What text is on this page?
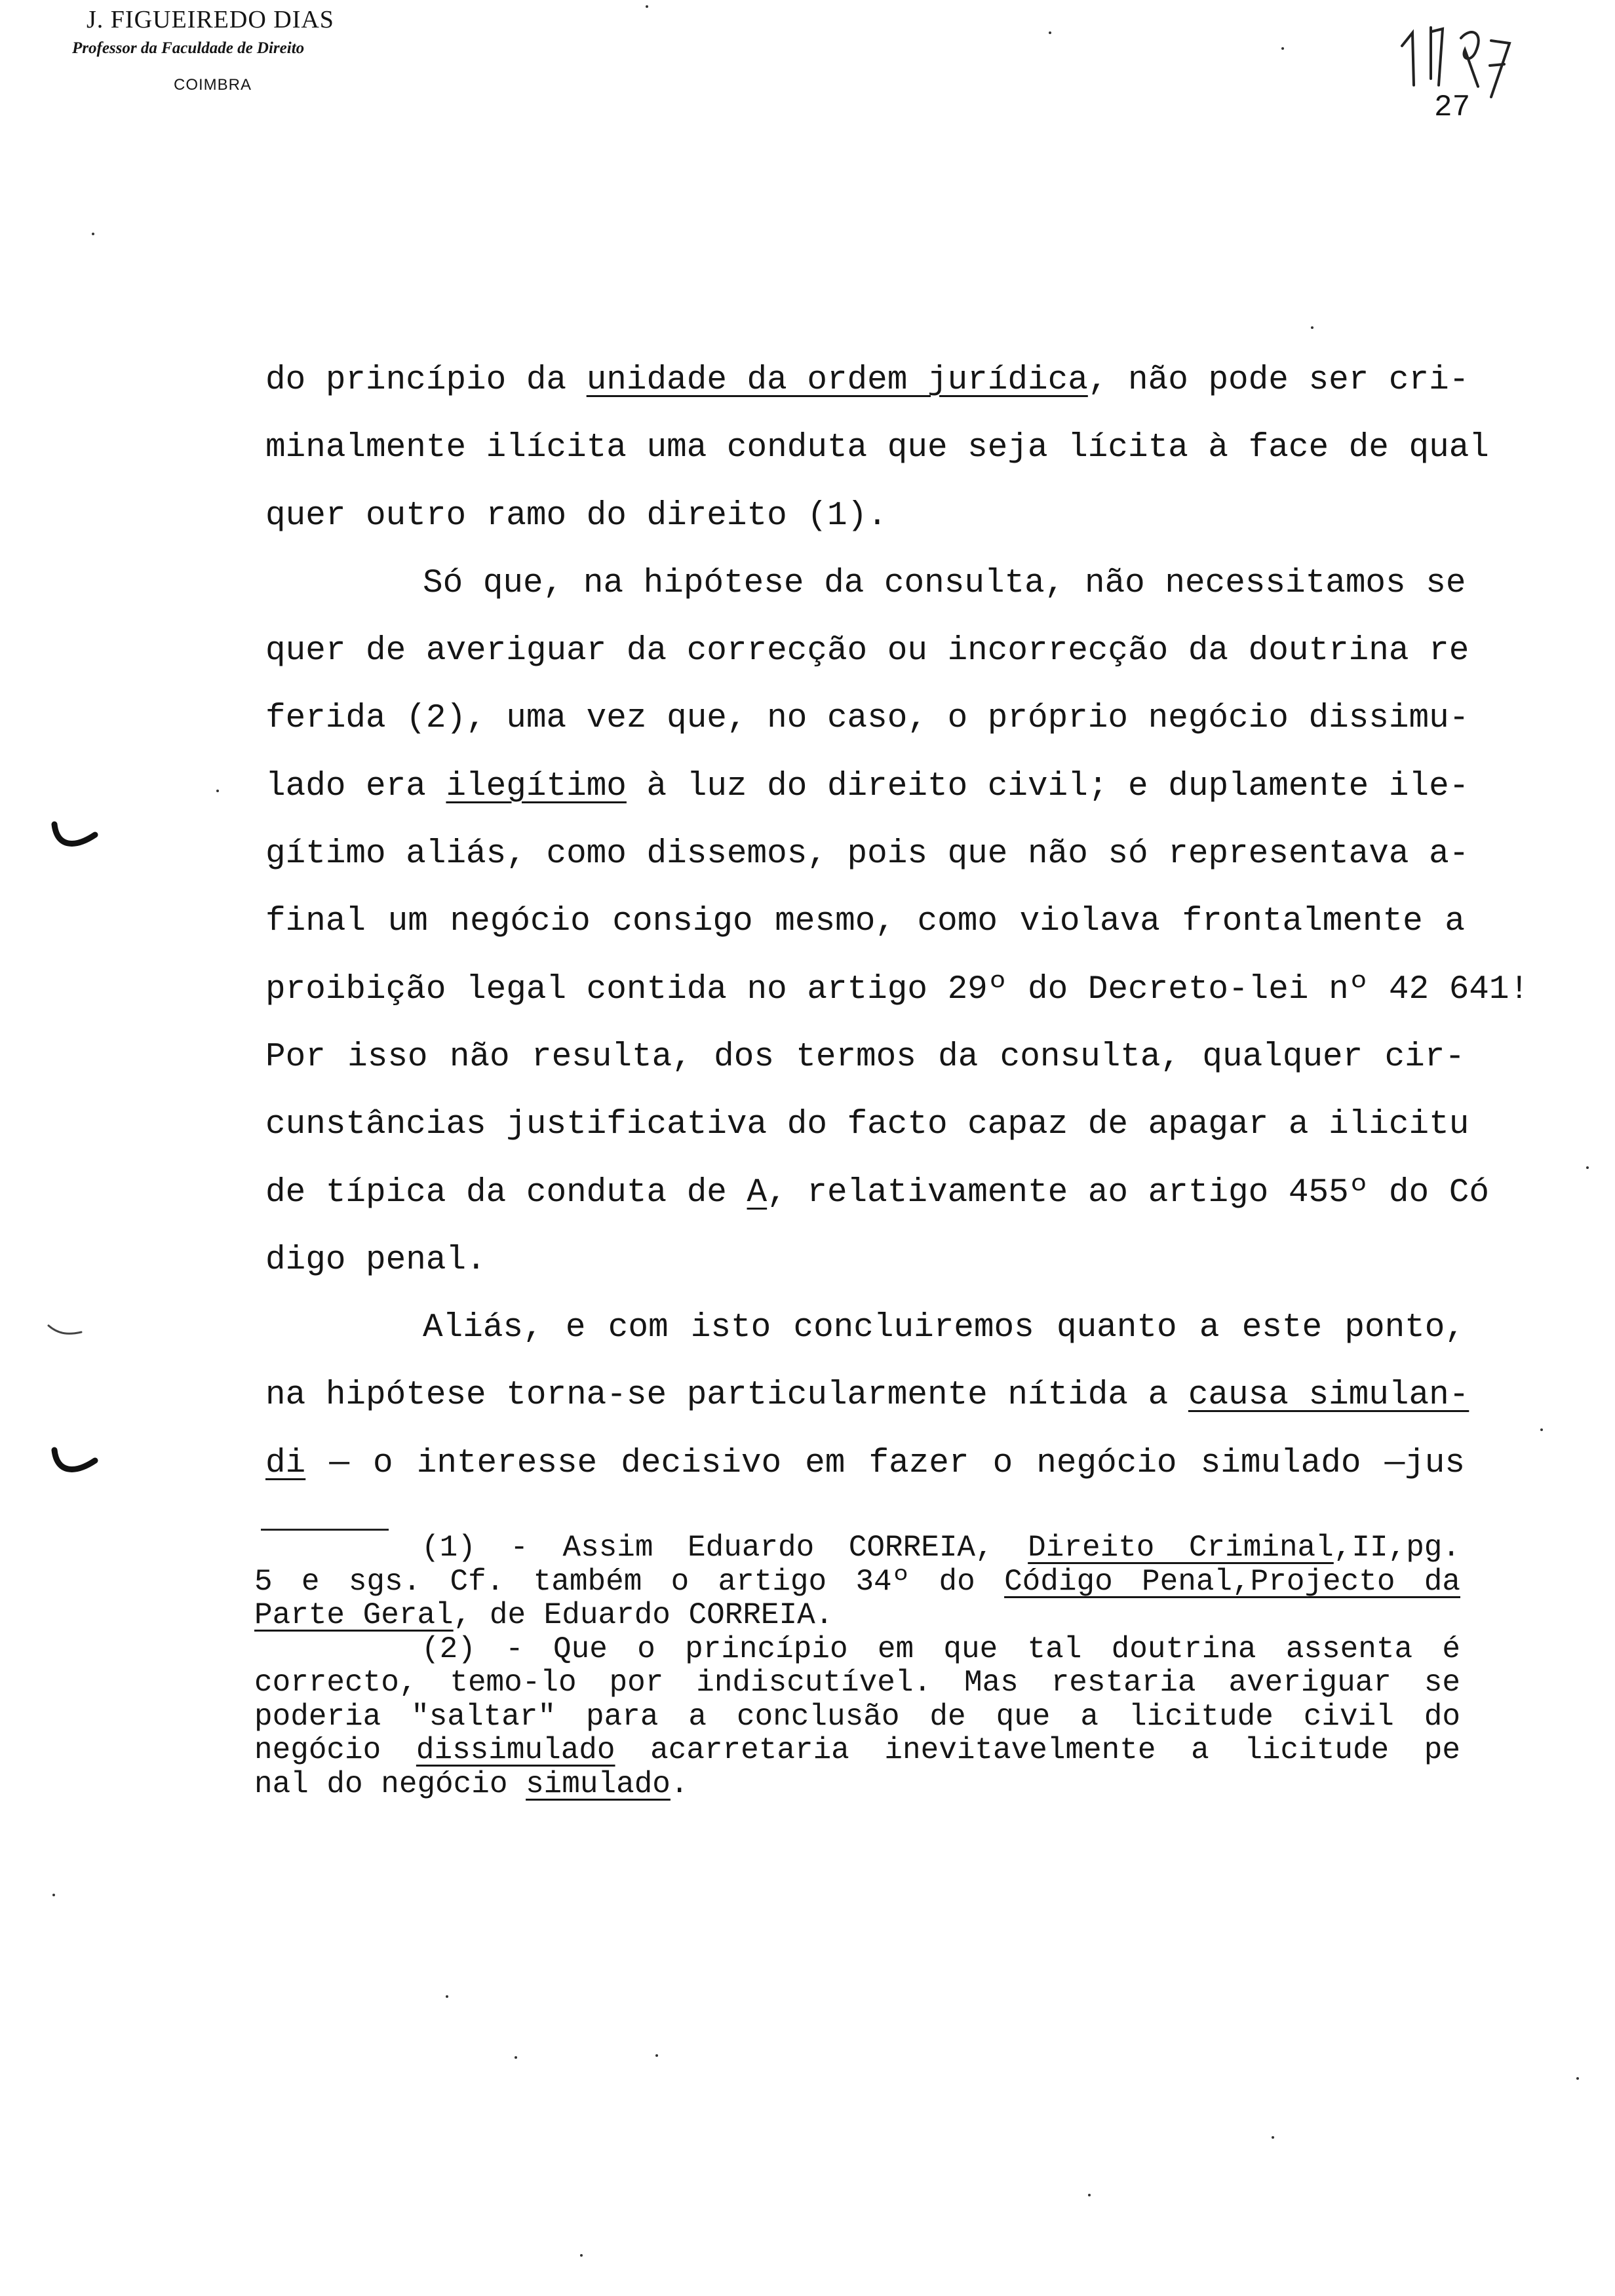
J. FIGUEIREDO DIAS
Professor da Faculdade de Direito
COIMBRA
27
do princípio da unidade da ordem jurídica, não pode ser cri-
minalmente ilícita uma conduta que seja lícita à face de qual
quer outro ramo do direito (1).
Só que, na hipótese da consulta, não necessitamos se
quer de averiguar da correcção ou incorrecção da doutrina re
ferida (2), uma vez que, no caso, o próprio negócio dissimu-
lado era ilegítimo à luz do direito civil; e duplamente ile-
gítimo aliás, como dissemos, pois que não só representava a-
final um negócio consigo mesmo, como violava frontalmente a
proibição legal contida no artigo 29º do Decreto-lei nº 42 641!
Por isso não resulta, dos termos da consulta, qualquer cir-
cunstâncias justificativa do facto capaz de apagar a ilicitu
de típica da conduta de A, relativamente ao artigo 455º do Có
digo penal.
Aliás, e com isto concluiremos quanto a este ponto,
na hipótese torna-se particularmente nítida a causa simulan-
di — o interesse decisivo em fazer o negócio simulado —jus
(1) - Assim Eduardo CORREIA, Direito Criminal,II,pg.
5 e sgs. Cf. também o artigo 34º do Código Penal,Projecto da
Parte Geral, de Eduardo CORREIA.
(2) - Que o princípio em que tal doutrina assenta é
correcto, temo-lo por indiscutível. Mas restaria averiguar se
poderia "saltar" para a conclusão de que a licitude civil do
negócio dissimulado acarretaria inevitavelmente a licitude pe
nal do negócio simulado.
